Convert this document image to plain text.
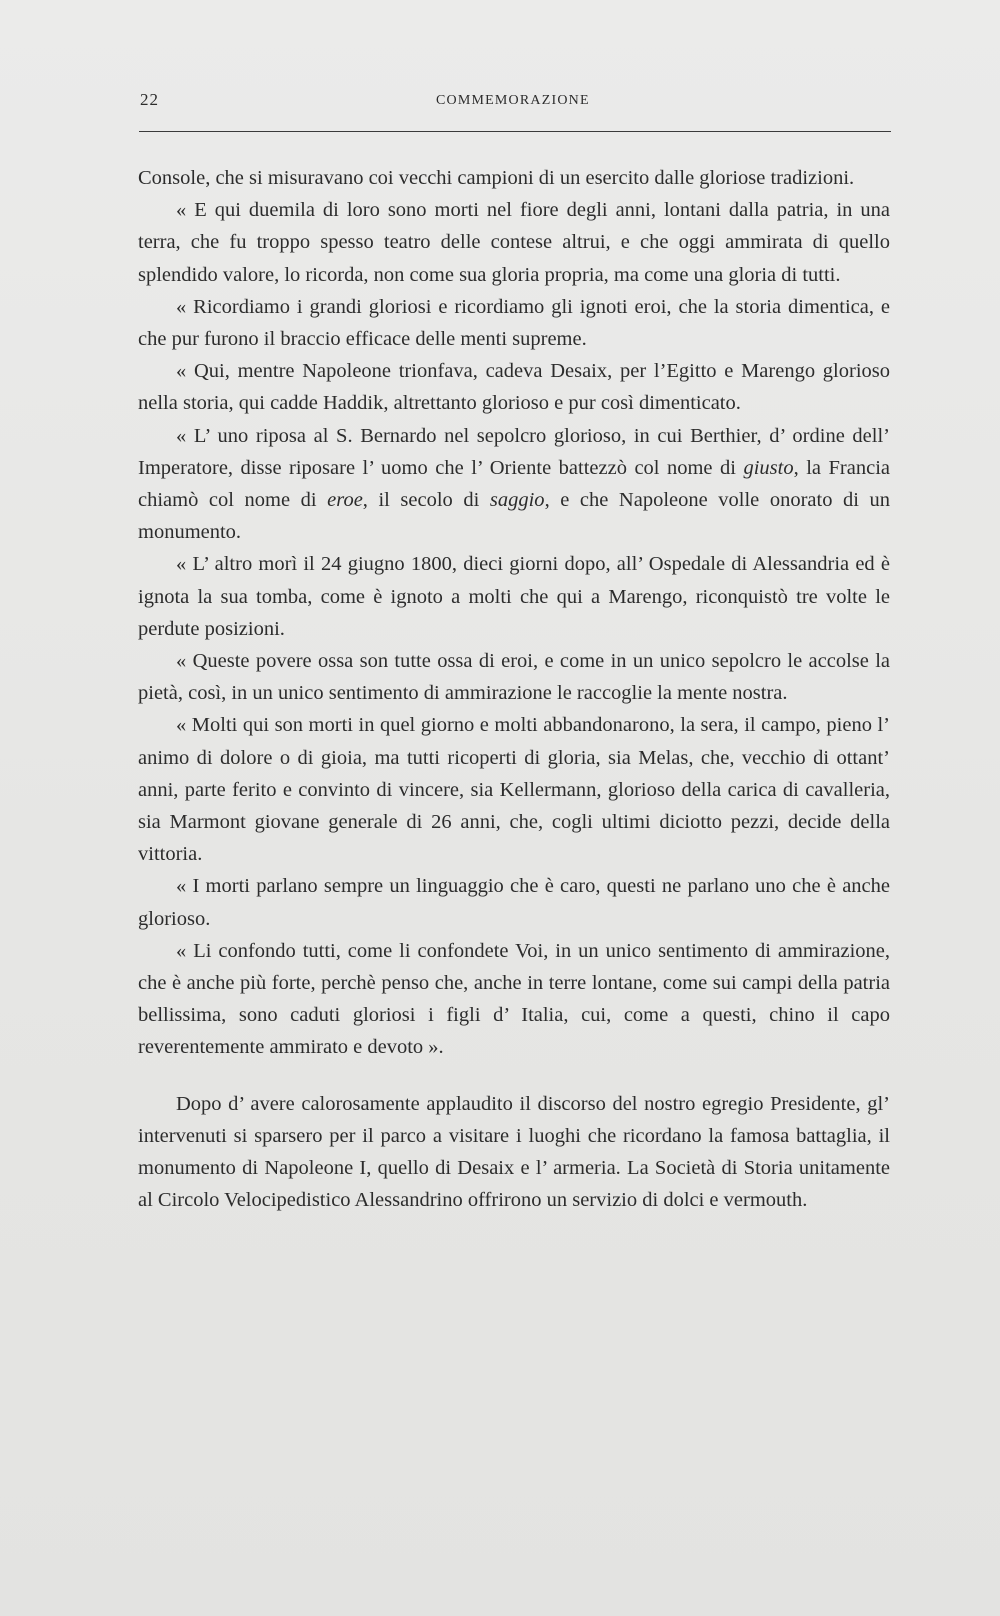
22	COMMEMORAZIONE

Console, che si misuravano coi vecchi campioni di un esercito dalle gloriose tradizioni.

« E qui duemila di loro sono morti nel fiore degli anni, lontani dalla patria, in una terra, che fu troppo spesso teatro delle contese altrui, e che oggi ammirata di quello splendido valore, lo ricorda, non come sua gloria propria, ma come una gloria di tutti.

« Ricordiamo i grandi gloriosi e ricordiamo gli ignoti eroi, che la storia dimentica, e che pur furono il braccio efficace delle menti supreme.

« Qui, mentre Napoleone trionfava, cadeva Desaix, per l’Egitto e Marengo glorioso nella storia, qui cadde Haddik, altrettanto glorioso e pur così dimenticato.

« L’ uno riposa al S. Bernardo nel sepolcro glorioso, in cui Berthier, d’ ordine dell’ Imperatore, disse riposare l’ uomo che l’ Oriente battezzò col nome di giusto, la Francia chiamò col nome di eroe, il secolo di saggio, e che Napoleone volle onorato di un monumento.

« L’ altro morì il 24 giugno 1800, dieci giorni dopo, all’ Ospedale di Alessandria ed è ignota la sua tomba, come è ignoto a molti che qui a Marengo, riconquistò tre volte le perdute posizioni.

« Queste povere ossa son tutte ossa di eroi, e come in un unico sepolcro le accolse la pietà, così, in un unico sentimento di ammirazione le raccoglie la mente nostra.

« Molti qui son morti in quel giorno e molti abbandonarono, la sera, il campo, pieno l’ animo di dolore o di gioia, ma tutti ricoperti di gloria, sia Melas, che, vecchio di ottant’ anni, parte ferito e convinto di vincere, sia Kellermann, glorioso della carica di cavalleria, sia Marmont giovane generale di 26 anni, che, cogli ultimi diciotto pezzi, decide della vittoria.

« I morti parlano sempre un linguaggio che è caro, questi ne parlano uno che è anche glorioso.

« Li confondo tutti, come li confondete Voi, in un unico sentimento di ammirazione, che è anche più forte, perchè penso che, anche in terre lontane, come sui campi della patria bellissima, sono caduti gloriosi i figli d’ Italia, cui, come a questi, chino il capo reverentemente ammirato e devoto ».

Dopo d’ avere calorosamente applaudito il discorso del nostro egregio Presidente, gl’ intervenuti si sparsero per il parco a visitare i luoghi che ricordano la famosa battaglia, il monumento di Napoleone I, quello di Desaix e l’ armeria. La Società di Storia unitamente al Circolo Velocipedistico Alessandrino offrirono un servizio di dolci e vermouth.
